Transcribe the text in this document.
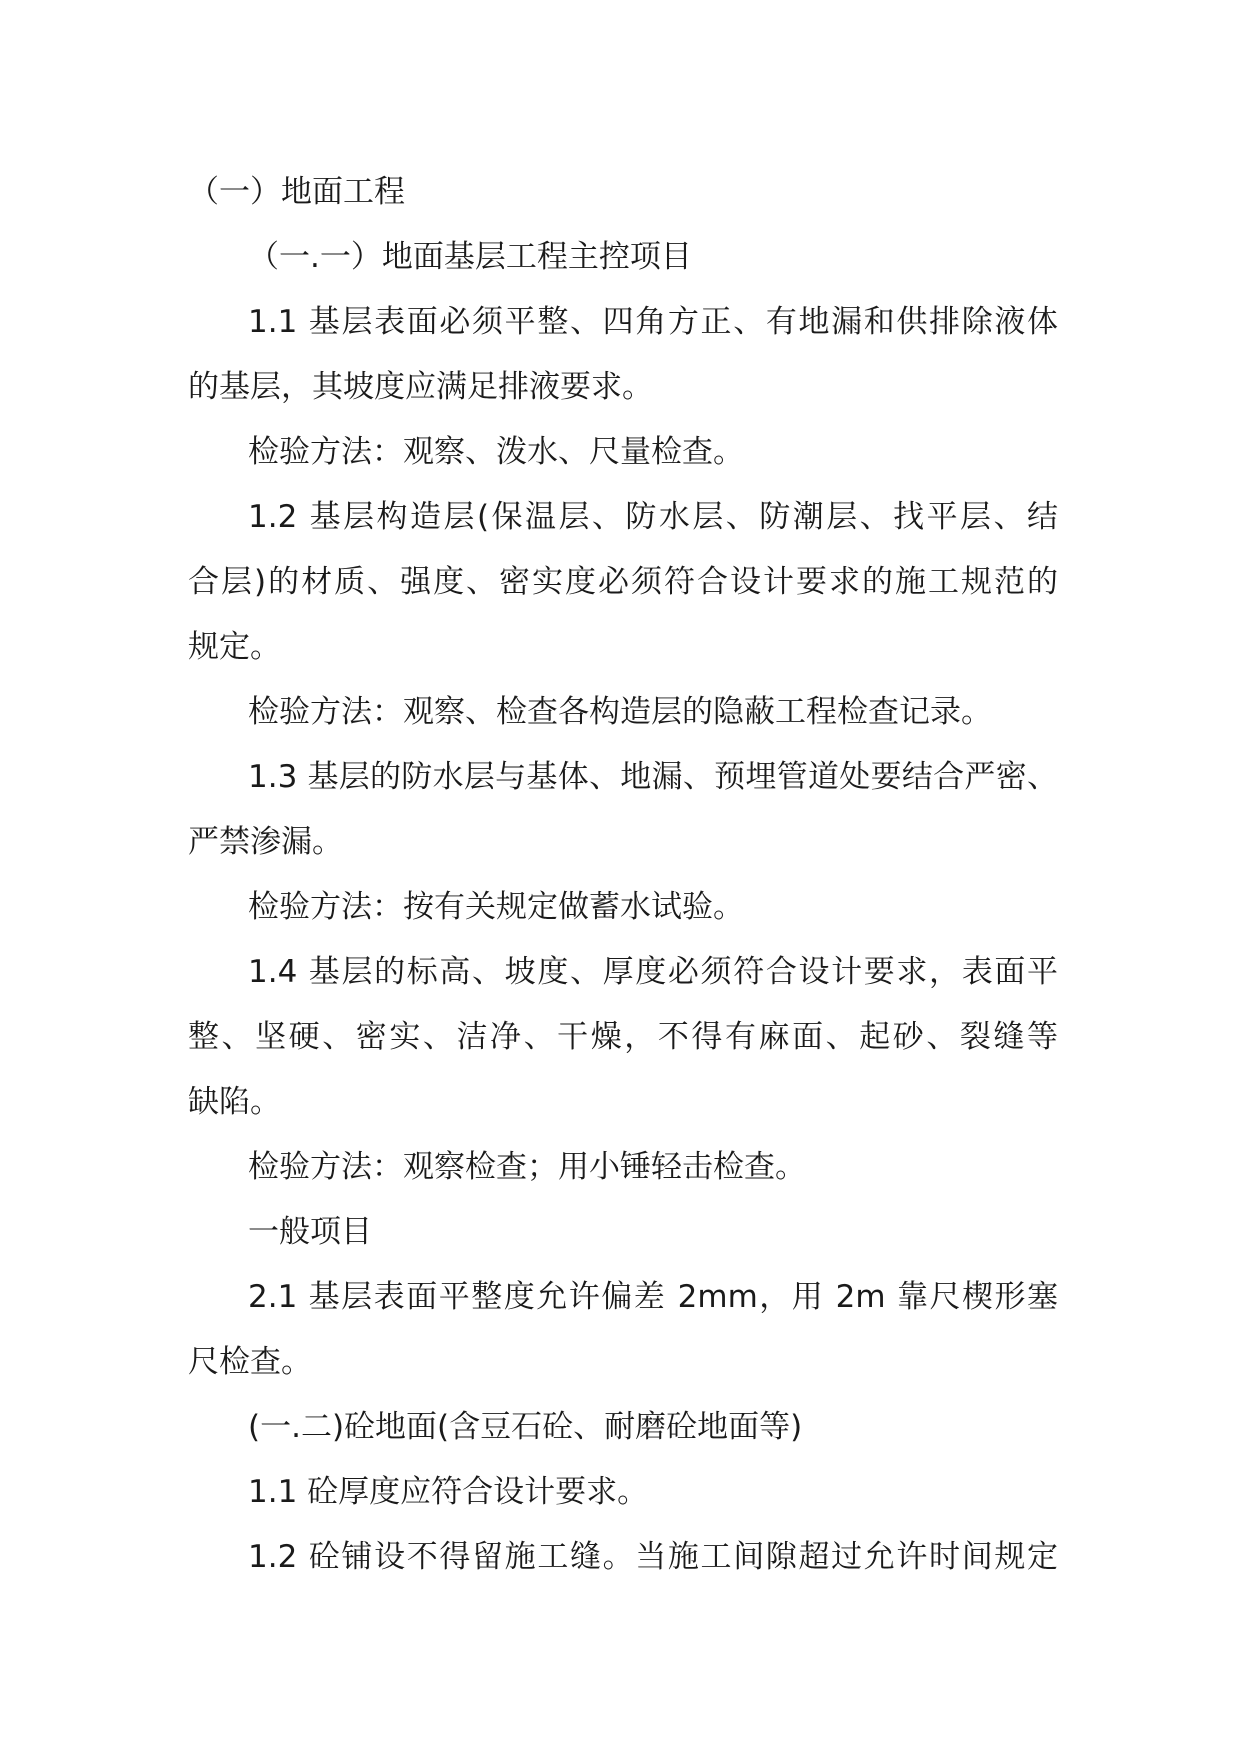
（一）地面工程
（一.一）地面基层工程主控项目
1.1 基层表面必须平整、四角方正、有地漏和供排除液体
的基层，其坡度应满足排液要求。
检验方法：观察、泼水、尺量检查。
1.2 基层构造层(保温层、防水层、防潮层、找平层、结
合层)的材质、强度、密实度必须符合设计要求的施工规范的
规定。
检验方法：观察、检查各构造层的隐蔽工程检查记录。
1.3 基层的防水层与基体、地漏、预埋管道处要结合严密、
严禁渗漏。
检验方法：按有关规定做蓄水试验。
1.4 基层的标高、坡度、厚度必须符合设计要求，表面平
整、坚硬、密实、洁净、干燥，不得有麻面、起砂、裂缝等
缺陷。
检验方法：观察检查；用小锤轻击检查。
一般项目
2.1 基层表面平整度允许偏差 2mm，用 2m 靠尺楔形塞
尺检查。
(一.二)砼地面(含豆石砼、耐磨砼地面等)
1.1 砼厚度应符合设计要求。
1.2 砼铺设不得留施工缝。当施工间隙超过允许时间规定
